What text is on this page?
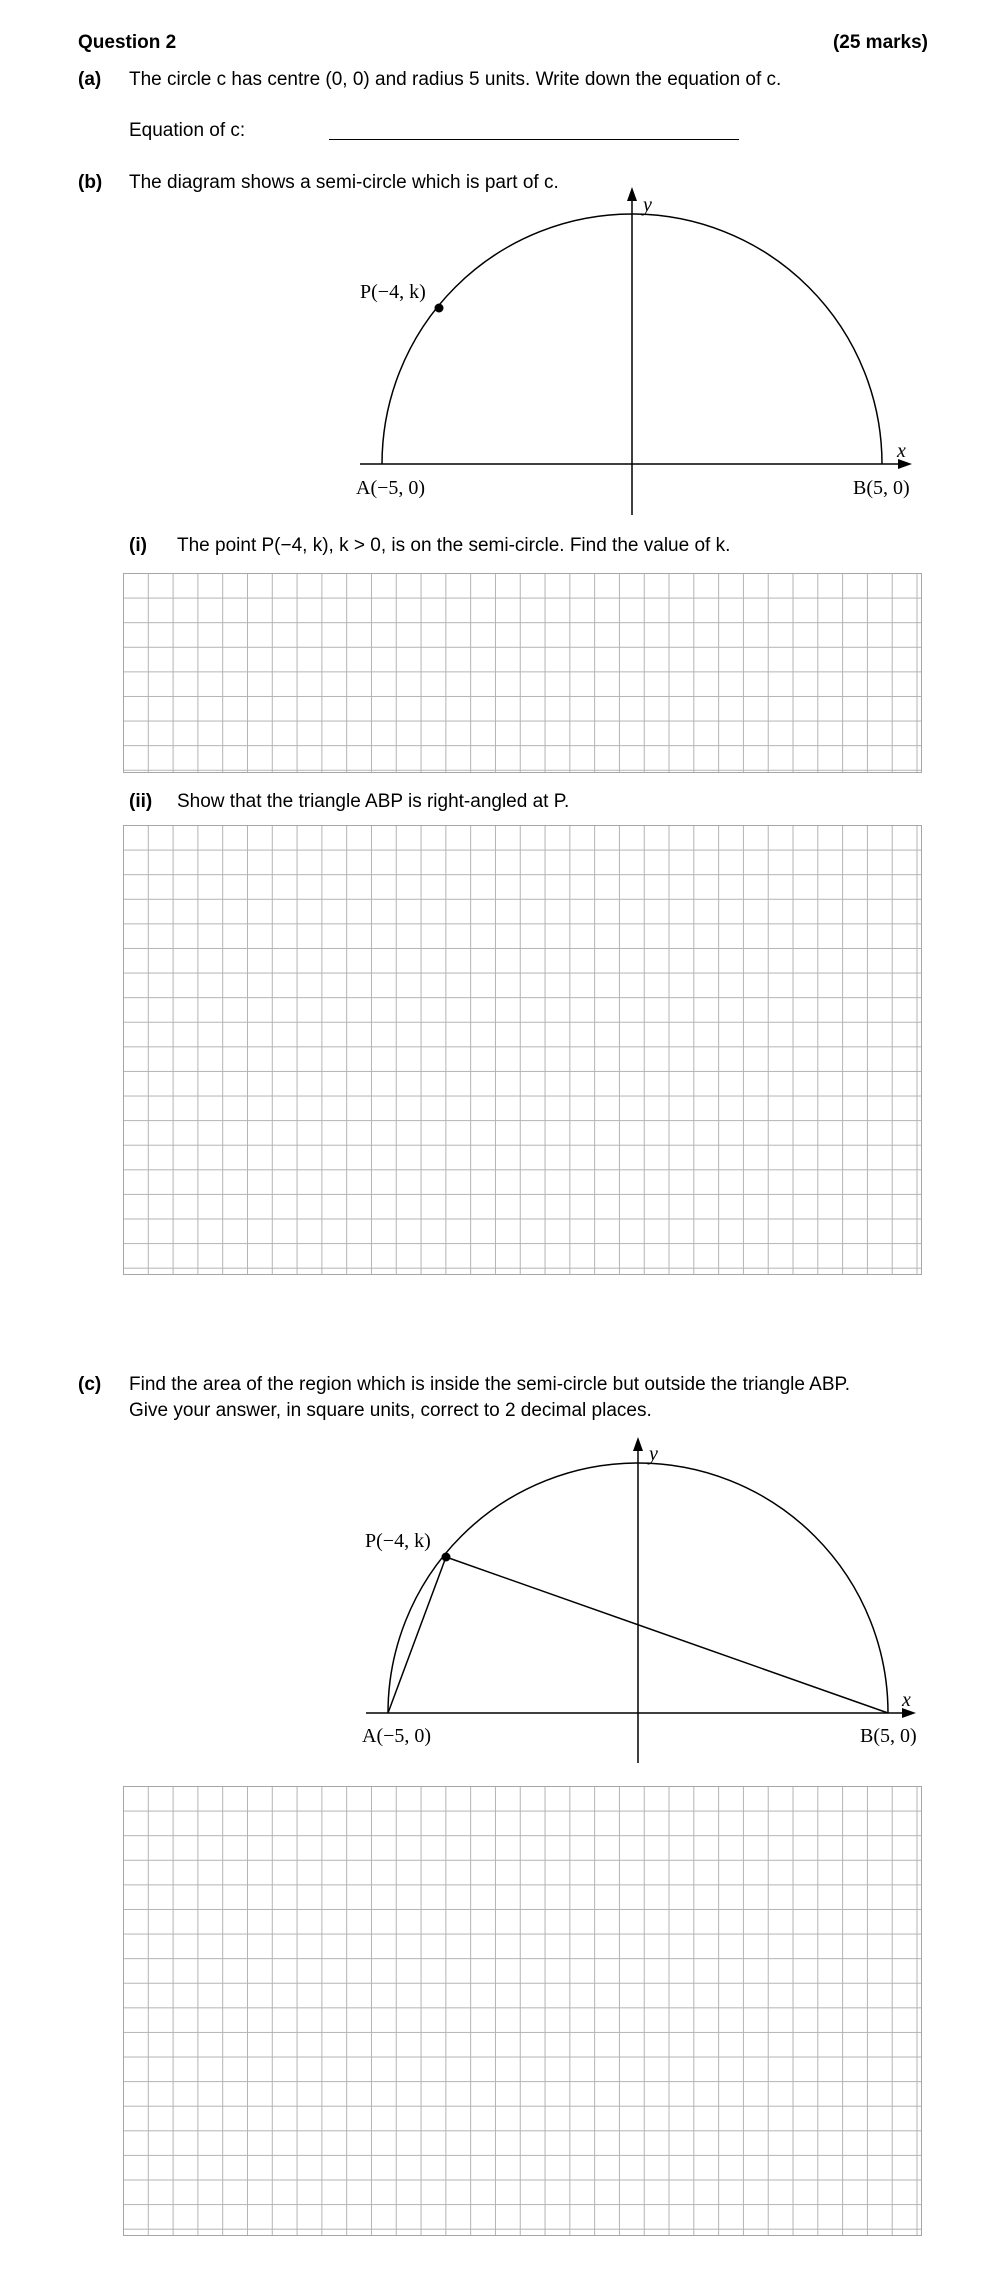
Question 2	(25 marks)
(a) The circle c has centre (0, 0) and radius 5 units. Write down the equation of c.
Equation of c:
(b) The diagram shows a semi-circle which is part of c.
P(−4, k)
A(−5, 0)	B(5, 0)
x
y
(i) The point P(−4, k), k > 0, is on the semi-circle. Find the value of k.
(ii) Show that the triangle ABP is right-angled at P.
(c) Find the area of the region which is inside the semi-circle but outside the triangle ABP.
Give your answer, in square units, correct to 2 decimal places.
P(−4, k)
A(−5, 0)	B(5, 0)
x
y
